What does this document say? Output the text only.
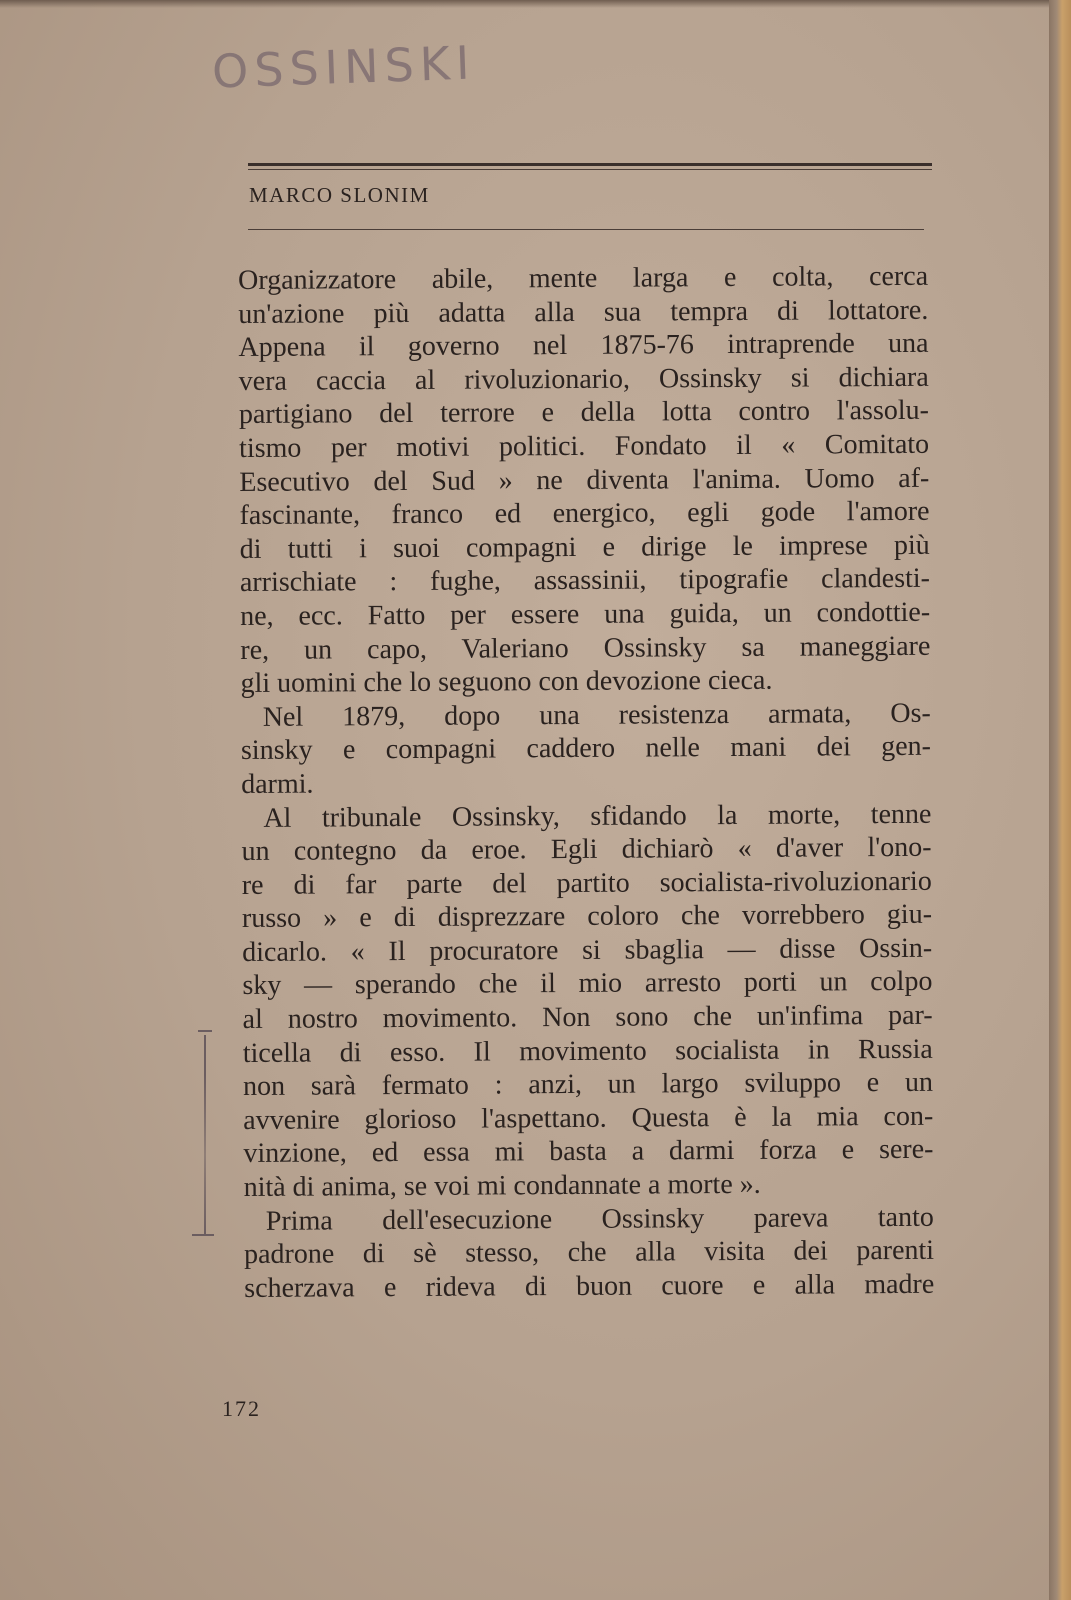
OSSINSKI
MARCO SLONIM
Organizzatore abile, mente larga e colta, cerca
un'azione più adatta alla sua tempra di lottatore.
Appena il governo nel 1875-76 intraprende una
vera caccia al rivoluzionario, Ossinsky si dichiara
partigiano del terrore e della lotta contro l'assolu-
tismo per motivi politici. Fondato il « Comitato
Esecutivo del Sud » ne diventa l'anima. Uomo af-
fascinante, franco ed energico, egli gode l'amore
di tutti i suoi compagni e dirige le imprese più
arrischiate : fughe, assassinii, tipografie clandesti-
ne, ecc. Fatto per essere una guida, un condottie-
re, un capo, Valeriano Ossinsky sa maneggiare
gli uomini che lo seguono con devozione cieca.
Nel 1879, dopo una resistenza armata, Os-
sinsky e compagni caddero nelle mani dei gen-
darmi.
Al tribunale Ossinsky, sfidando la morte, tenne
un contegno da eroe. Egli dichiarò « d'aver l'ono-
re di far parte del partito socialista-rivoluzionario
russo » e di disprezzare coloro che vorrebbero giu-
dicarlo. « Il procuratore si sbaglia — disse Ossin-
sky — sperando che il mio arresto porti un colpo
al nostro movimento. Non sono che un'infima par-
ticella di esso. Il movimento socialista in Russia
non sarà fermato : anzi, un largo sviluppo e un
avvenire glorioso l'aspettano. Questa è la mia con-
vinzione, ed essa mi basta a darmi forza e sere-
nità di anima, se voi mi condannate a morte ».
Prima dell'esecuzione Ossinsky pareva tanto
padrone di sè stesso, che alla visita dei parenti
scherzava e rideva di buon cuore e alla madre
172
